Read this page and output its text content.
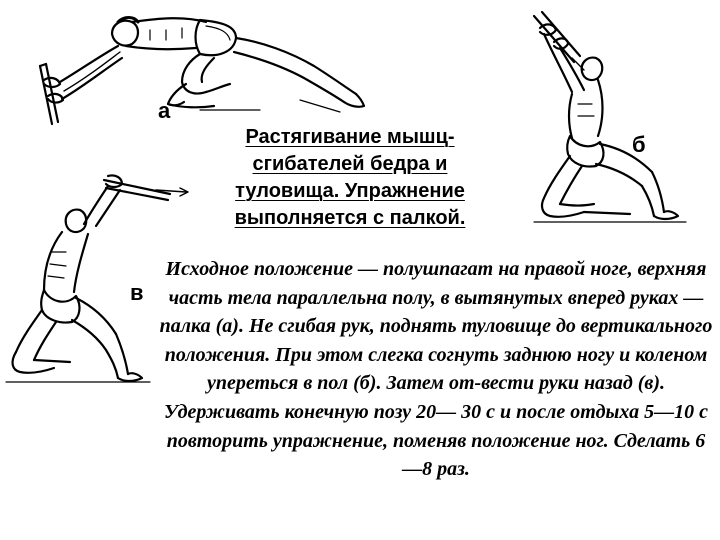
а

б

в

Растягивание мышц-сгибателей бедра и туловища. Упражнение выполняется с палкой.

Исходное положение — полушпагат на правой ноге, верхняя часть тела параллельна полу, в вытянутых вперед руках — палка (а). Не сгибая рук, поднять туловище до вертикального положения. При этом слегка согнуть заднюю ногу и коленом упереться в пол (б). Затем от-вести руки назад (в). Удерживать конечную позу 20— 30 с и после отдыха 5—10 с повторить упражнение, поменяв положение ног. Сделать 6—8 раз.
